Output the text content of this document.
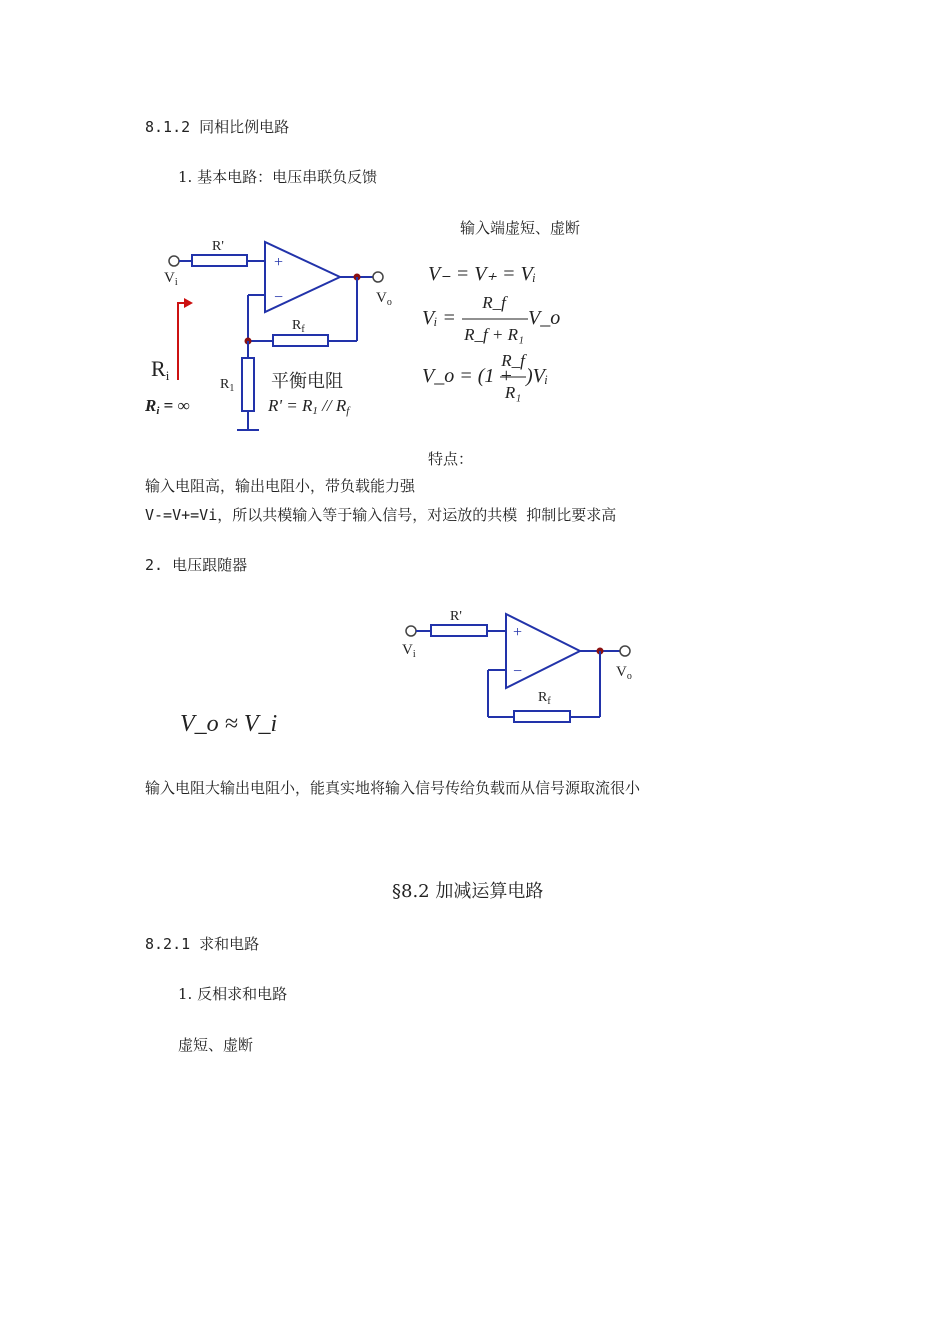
8.1.2 同相比例电路
1. 基本电路：电压串联负反馈
输入端虚短、虚断
+
−
R'
$V_i$
$V_o$
$R_f$
$R_1$
Ri
Ri = ∞
平衡电阻
R' = R1 // Rf
V₋ = V₊ = Vᵢ
Vᵢ =
R_f
R_f + R₁
V_o
V_o = (1 +
R_f
R₁
)Vᵢ
特点：
输入电阻高，输出电阻小，带负载能力强
V-=V+=Vi，所以共模输入等于输入信号，对运放的共模 抑制比要求高
2. 电压跟随器
+
−
R'
$V_i$
$V_o$
$R_f$
V_o ≈ V_i
输入电阻大输出电阻小，能真实地将输入信号传给负载而从信号源取流很小
§8.2 加减运算电路
8.2.1 求和电路
1. 反相求和电路
虚短、虚断
